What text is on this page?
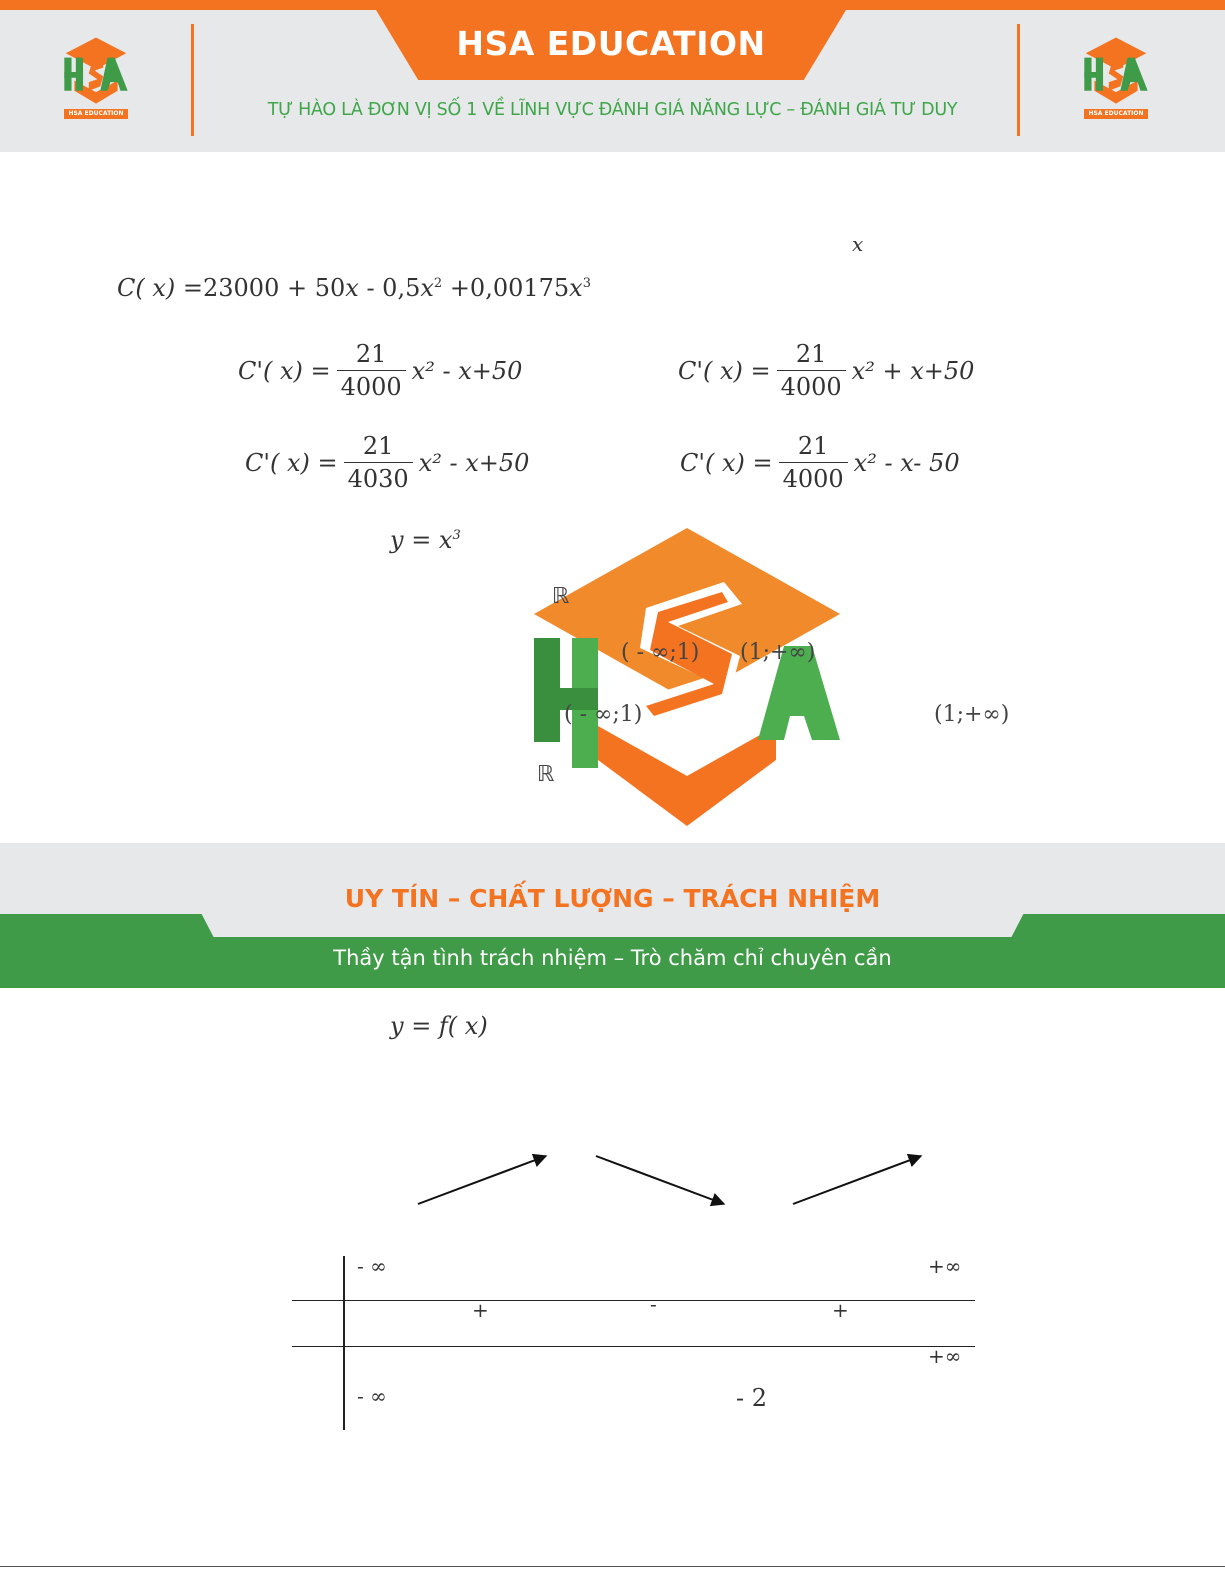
HSA EDUCATION
TỰ HÀO LÀ ĐƠN VỊ SỐ 1 VỀ LĨNH VỰC ĐÁNH GIÁ NĂNG LỰC – ĐÁNH GIÁ TƯ DUY
HSA EDUCATION	HSA EDUCATION
x
C( $x) =23000 + 50x - 0,5x^2 +0,00175x^3$
C'( $x) = \frac{21}{4000} x^2 - x+50$	C'( $x) = \frac{21}{4000} x^2 + x+50$
C'( $x) = \frac{21}{4030} x^2 - x+50$	C'( $x) = \frac{21}{4000} x^2 - x-$ 50
$y = x^3$
ℝ
( - ∞;1) (1;+∞)
( - ∞;1)	(1;+∞)
ℝ
UY TÍN – CHẤT LƯỢNG – TRÁCH NHIỆM
Thầy tận tình trách nhiệm – Trò chăm chỉ chuyên cần
y = f( x)
- ∞	+∞
+	-	+
+∞
- ∞	- 2
